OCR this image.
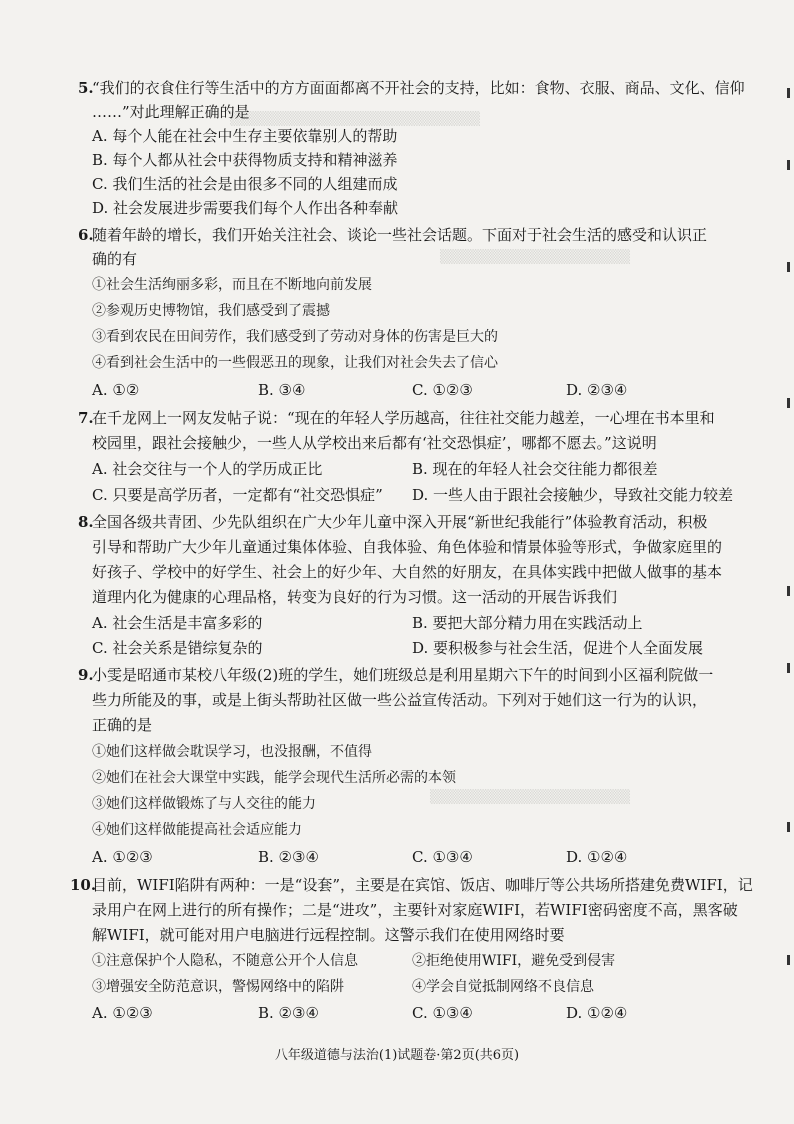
▒▒▒▒▒▒▒▒▒▒▒▒▒▒▒▒▒▒▒▒▒▒▒▒▒
▒▒▒▒▒▒▒▒▒▒▒▒▒▒▒▒▒▒▒
▒▒▒▒▒▒▒▒▒▒▒▒▒▒▒▒▒▒▒▒
5.
“我们的衣食住行等生活中的方方面面都离不开社会的支持，比如：食物、衣服、商品、文化、信仰
……”对此理解正确的是
A. 每个人能在社会中生存主要依靠别人的帮助
B. 每个人都从社会中获得物质支持和精神滋养
C. 我们生活的社会是由很多不同的人组建而成
D. 社会发展进步需要我们每个人作出各种奉献
6.
随着年龄的增长，我们开始关注社会、谈论一些社会话题。下面对于社会生活的感受和认识正
确的有
①社会生活绚丽多彩，而且在不断地向前发展
②参观历史博物馆，我们感受到了震撼
③看到农民在田间劳作，我们感受到了劳动对身体的伤害是巨大的
④看到社会生活中的一些假恶丑的现象，让我们对社会失去了信心
A. ①②	B. ③④	C. ①②③	D. ②③④
7.
在千龙网上一网友发帖子说：“现在的年轻人学历越高，往往社交能力越差，一心埋在书本里和
校园里，跟社会接触少，一些人从学校出来后都有‘社交恐惧症’，哪都不愿去。”这说明
A. 社会交往与一个人的学历成正比	B. 现在的年轻人社会交往能力都很差
C. 只要是高学历者，一定都有“社交恐惧症” D. 一些人由于跟社会接触少，导致社交能力较差
8.
全国各级共青团、少先队组织在广大少年儿童中深入开展“新世纪我能行”体验教育活动，积极
引导和帮助广大少年儿童通过集体体验、自我体验、角色体验和情景体验等形式，争做家庭里的
好孩子、学校中的好学生、社会上的好少年、大自然的好朋友，在具体实践中把做人做事的基本
道理内化为健康的心理品格，转变为良好的行为习惯。这一活动的开展告诉我们
A. 社会生活是丰富多彩的	B. 要把大部分精力用在实践活动上
C. 社会关系是错综复杂的	D. 要积极参与社会生活，促进个人全面发展
9.
小雯是昭通市某校八年级(2)班的学生，她们班级总是利用星期六下午的时间到小区福利院做一
些力所能及的事，或是上街头帮助社区做一些公益宣传活动。下列对于她们这一行为的认识，
正确的是
①她们这样做会耽误学习，也没报酬，不值得
②她们在社会大课堂中实践，能学会现代生活所必需的本领
③她们这样做锻炼了与人交往的能力
④她们这样做能提高社会适应能力
A. ①②③	B. ②③④	C. ①③④	D. ①②④
10.
目前，WIFI陷阱有两种：一是“设套”，主要是在宾馆、饭店、咖啡厅等公共场所搭建免费WIFI，记
录用户在网上进行的所有操作；二是“进攻”，主要针对家庭WIFI，若WIFI密码密度不高，黑客破
解WIFI，就可能对用户电脑进行远程控制。这警示我们在使用网络时要
①注意保护个人隐私，不随意公开个人信息	②拒绝使用WIFI，避免受到侵害
③增强安全防范意识，警惕网络中的陷阱	④学会自觉抵制网络不良信息
A. ①②③	B. ②③④	C. ①③④	D. ①②④
八年级道德与法治(1)试题卷·第2页(共6页)
